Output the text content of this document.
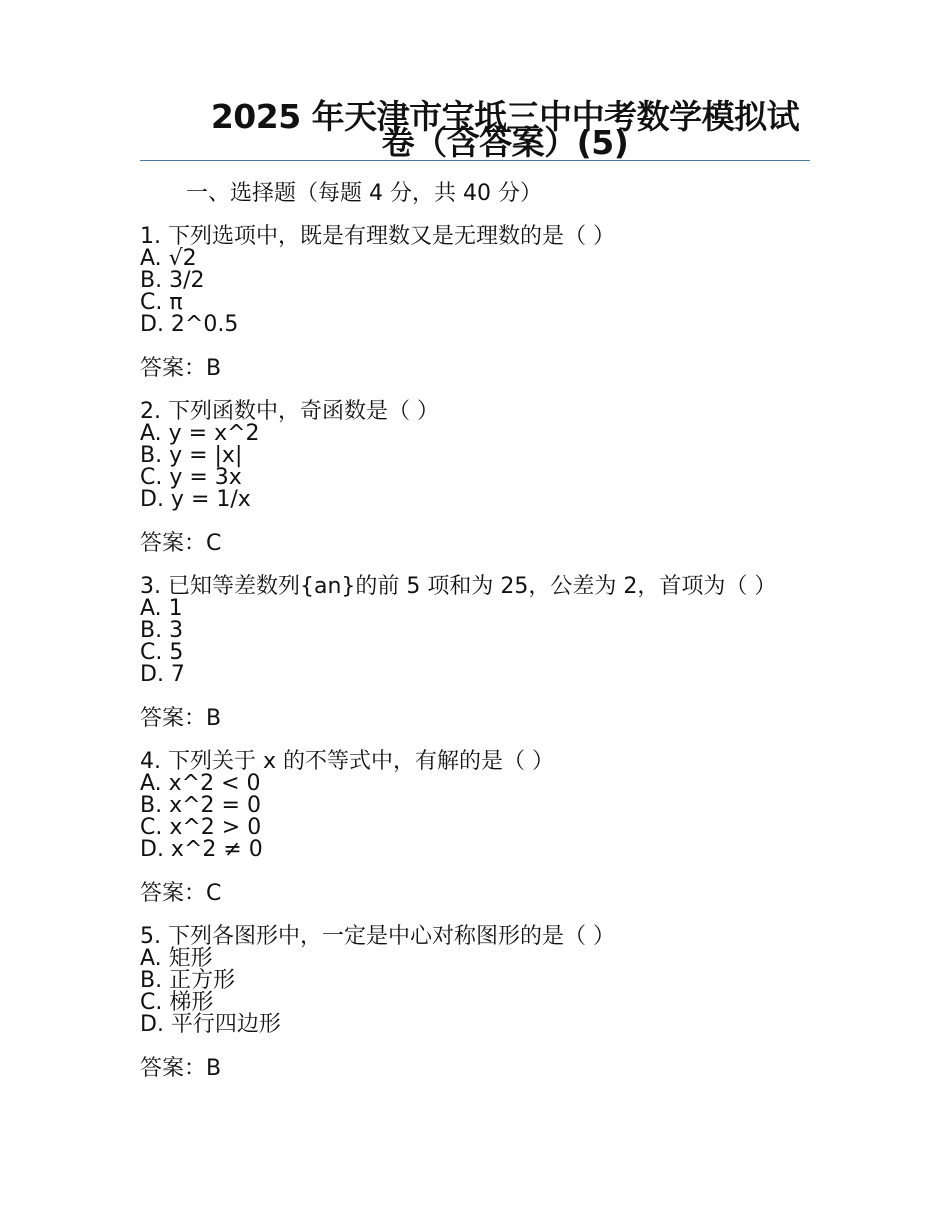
2025 年天津市宝坻三中中考数学模拟试卷（含答案）(5)
一、选择题（每题 4 分，共 40 分）
1. 下列选项中，既是有理数又是无理数的是（ ）
A. √2
B. 3/2
C. π
D. 2^0.5
答案：B
2. 下列函数中，奇函数是（ ）
A. y = x^2
B. y = |x|
C. y = 3x
D. y = 1/x
答案：C
3. 已知等差数列{an}的前 5 项和为 25，公差为 2，首项为（ ）
A. 1
B. 3
C. 5
D. 7
答案：B
4. 下列关于 x 的不等式中，有解的是（ ）
A. x^2 < 0
B. x^2 = 0
C. x^2 > 0
D. x^2 ≠ 0
答案：C
5. 下列各图形中，一定是中心对称图形的是（ ）
A. 矩形
B. 正方形
C. 梯形
D. 平行四边形
答案：B
